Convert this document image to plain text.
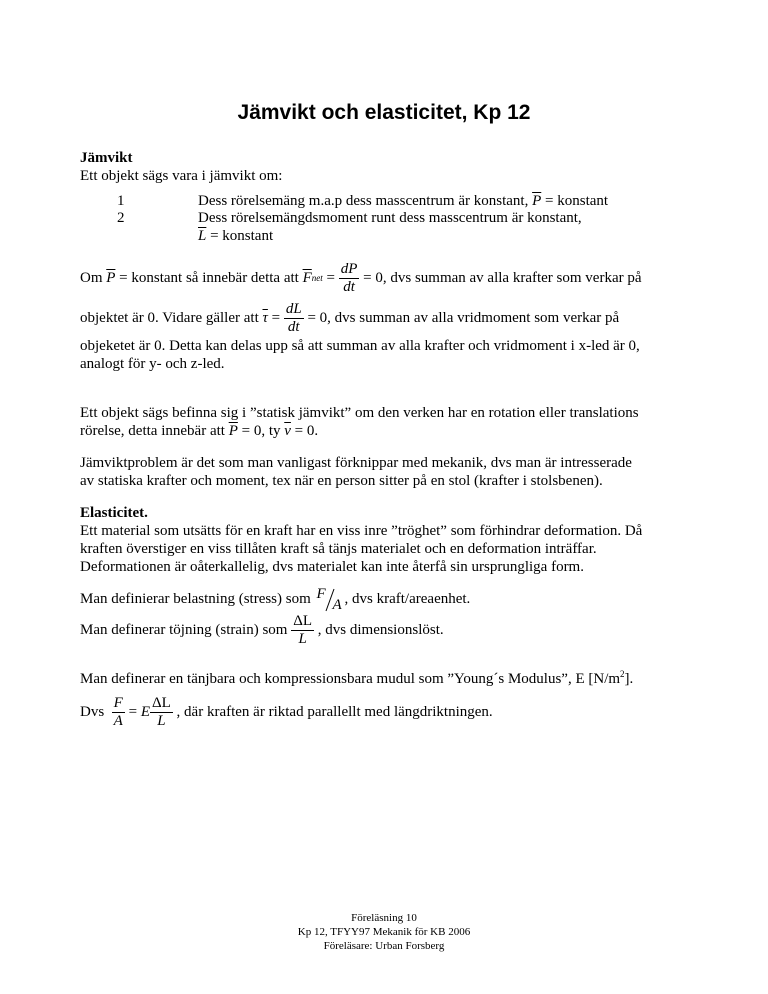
Jämvikt och elasticitet, Kp 12
Jämvikt
Ett objekt sägs vara i jämvikt om:
1	Dess rörelsemäng m.a.p dess masscentrum är konstant, $\overline{P}$ = konstant
2	Dess rörelsemängdsmoment runt dess masscentrum är konstant,
$\overline{L}$ = konstant
Om
$\overline{P}$
= konstant så innebär detta att
$\overline{F}$ net
=
$\frac{dP}{dt}$
= 0 , dvs summan av alla krafter som verkar på
objektet är 0. Vidare gäller att
$\overline{\tau}$
=
$\frac{dL}{dt}$
= 0 , dvs summan av alla vridmoment som verkar på
objeketet är 0. Detta kan delas upp så att summan av alla krafter och vridmoment i x-led är 0,
analogt för y- och z-led.
Ett objekt sägs befinna sig i ”statisk jämvikt” om den verken har en rotation eller translations
rörelse, detta innebär att $\overline{P} = 0$, ty $\overline{v} = 0$.
Jämviktproblem är det som man vanligast förknippar med mekanik, dvs man är intresserade
av statiska krafter och moment, tex när en person sitter på en stol (krafter i stolsbenen).
Elasticitet.
Ett material som utsätts för en kraft har en viss inre ”tröghet” som förhindrar deformation. Då
kraften överstiger en viss tillåten kraft så tänjs materialet och en deformation inträffar.
Deformationen är oåterkallelig, dvs materialet kan inte återfå sin ursprungliga form.
Man definierar belastning (stress) som
F
A , dvs kraft/areaenhet.
Man definerar töjning (strain) som
$\frac{\Delta L}{L}$
, dvs dimensionslöst.
Man definerar en tänjbara och kompressionsbara mudul som ”Young´s Modulus”, E $[N/m^2]$.
Dvs
$\frac{F}{A}$
=
E $\frac{\Delta L}{L}$
, där kraften är riktad parallellt med längdriktningen.
Föreläsning 10
Kp 12, TFYY97 Mekanik för KB 2006
Föreläsare: Urban Forsberg
